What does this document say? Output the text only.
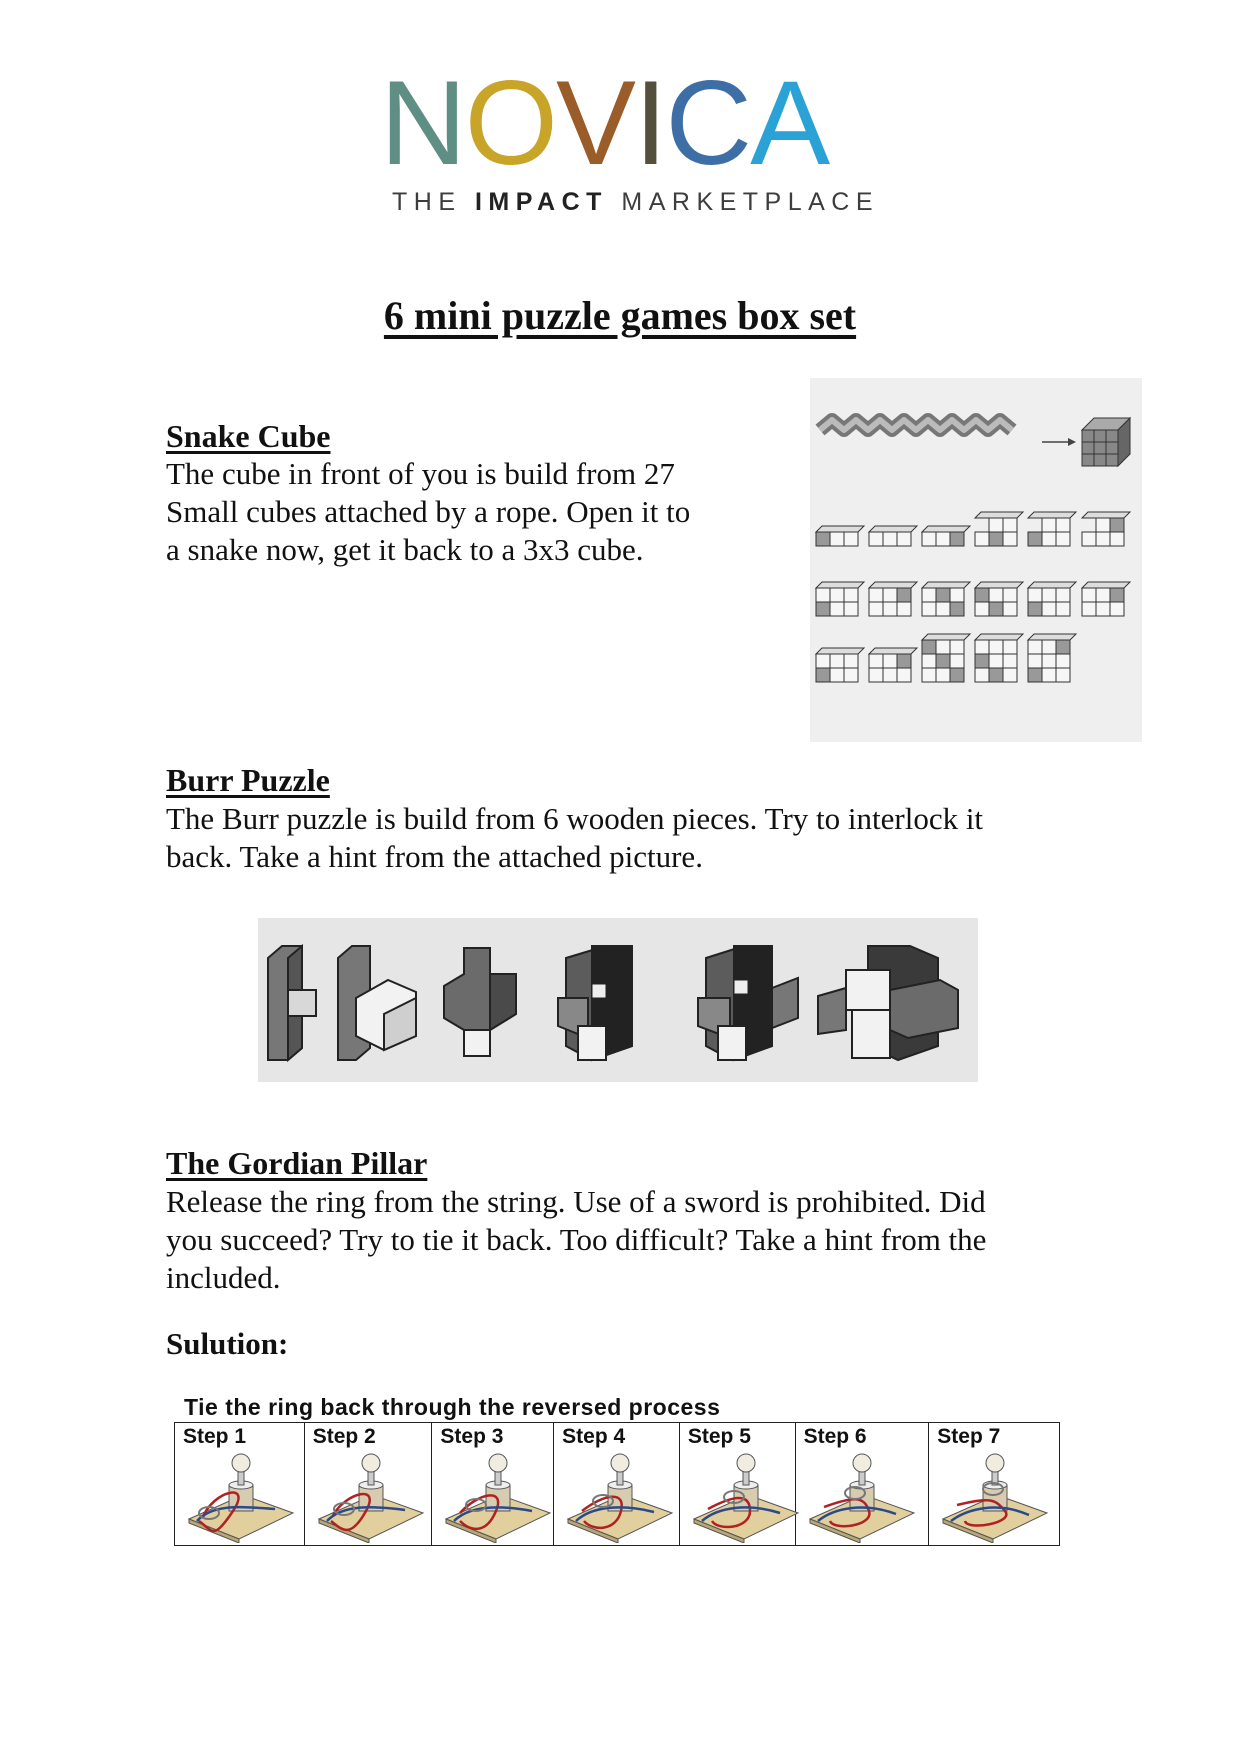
NOVICA
THE IMPACT MARKETPLACE
6 mini puzzle games box set
Snake Cube

The cube in front of you is build from 27
Small cubes attached by a rope. Open it to
a snake now, get it back to a 3x3 cube.

Burr Puzzle

The Burr puzzle is build from 6 wooden pieces. Try to interlock it
back. Take a hint from the attached picture.

The Gordian Pillar

Release the ring from the string. Use of a sword is prohibited. Did
you succeed? Try to tie it back. Too difficult? Take a hint from the
included.

Sulution:

Tie the ring back through the reversed process

Step 1	Step 2	Step 3	Step 4	Step 5	Step 6	Step 7
